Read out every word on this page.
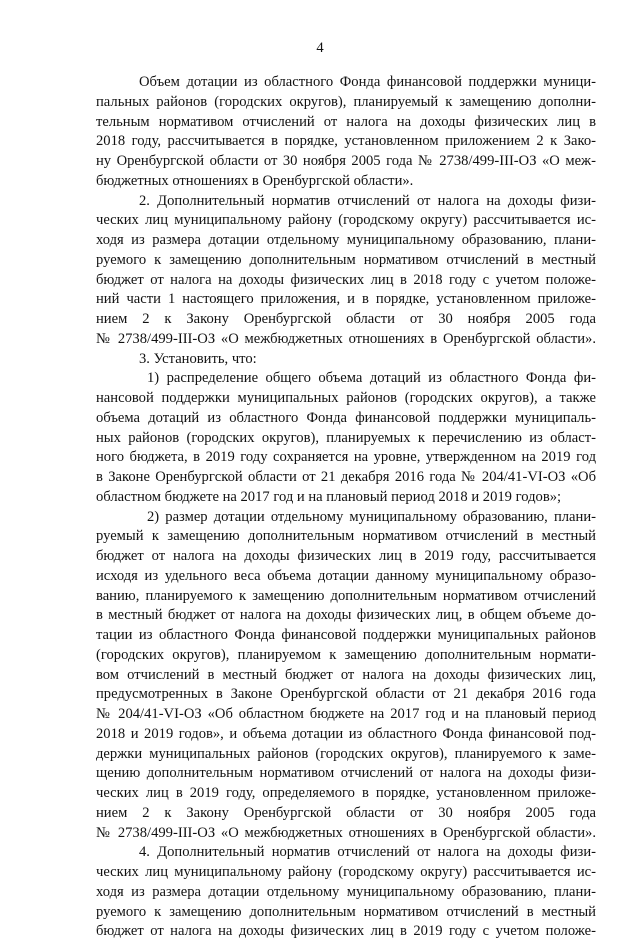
4
Объем дотации из областного Фонда финансовой поддержки муници-
пальных районов (городских округов), планируемый к замещению дополни-
тельным нормативом отчислений от налога на доходы физических лиц в
2018 году, рассчитывается в порядке, установленном приложением 2 к Зако-
ну Оренбургской области от 30 ноября 2005 года № 2738/499-III-ОЗ «О меж-
бюджетных отношениях в Оренбургской области».
2. Дополнительный норматив отчислений от налога на доходы физи-
ческих лиц муниципальному району (городскому округу) рассчитывается ис-
ходя из размера дотации отдельному муниципальному образованию, плани-
руемого к замещению дополнительным нормативом отчислений в местный
бюджет от налога на доходы физических лиц в 2018 году с учетом положе-
ний части 1 настоящего приложения, и в порядке, установленном приложе-
нием 2 к Закону Оренбургской области от 30 ноября 2005 года
№ 2738/499-III-ОЗ «О межбюджетных отношениях в Оренбургской области».
3. Установить, что:
1) распределение общего объема дотаций из областного Фонда фи-
нансовой поддержки муниципальных районов (городских округов), а также
объема дотаций из областного Фонда финансовой поддержки муниципаль-
ных районов (городских округов), планируемых к перечислению из област-
ного бюджета, в 2019 году сохраняется на уровне, утвержденном на 2019 год
в Законе Оренбургской области от 21 декабря 2016 года № 204/41-VI-ОЗ «Об
областном бюджете на 2017 год и на плановый период 2018 и 2019 годов»;
2) размер дотации отдельному муниципальному образованию, плани-
руемый к замещению дополнительным нормативом отчислений в местный
бюджет от налога на доходы физических лиц в 2019 году, рассчитывается
исходя из удельного веса объема дотации данному муниципальному образо-
ванию, планируемого к замещению дополнительным нормативом отчислений
в местный бюджет от налога на доходы физических лиц, в общем объеме до-
тации из областного Фонда финансовой поддержки муниципальных районов
(городских округов), планируемом к замещению дополнительным нормати-
вом отчислений в местный бюджет от налога на доходы физических лиц,
предусмотренных в Законе Оренбургской области от 21 декабря 2016 года
№ 204/41-VI-ОЗ «Об областном бюджете на 2017 год и на плановый период
2018 и 2019 годов», и объема дотации из областного Фонда финансовой под-
держки муниципальных районов (городских округов), планируемого к заме-
щению дополнительным нормативом отчислений от налога на доходы физи-
ческих лиц в 2019 году, определяемого в порядке, установленном приложе-
нием 2 к Закону Оренбургской области от 30 ноября 2005 года
№ 2738/499-III-ОЗ «О межбюджетных отношениях в Оренбургской области».
4. Дополнительный норматив отчислений от налога на доходы физи-
ческих лиц муниципальному району (городскому округу) рассчитывается ис-
ходя из размера дотации отдельному муниципальному образованию, плани-
руемого к замещению дополнительным нормативом отчислений в местный
бюджет от налога на доходы физических лиц в 2019 году с учетом положе-
